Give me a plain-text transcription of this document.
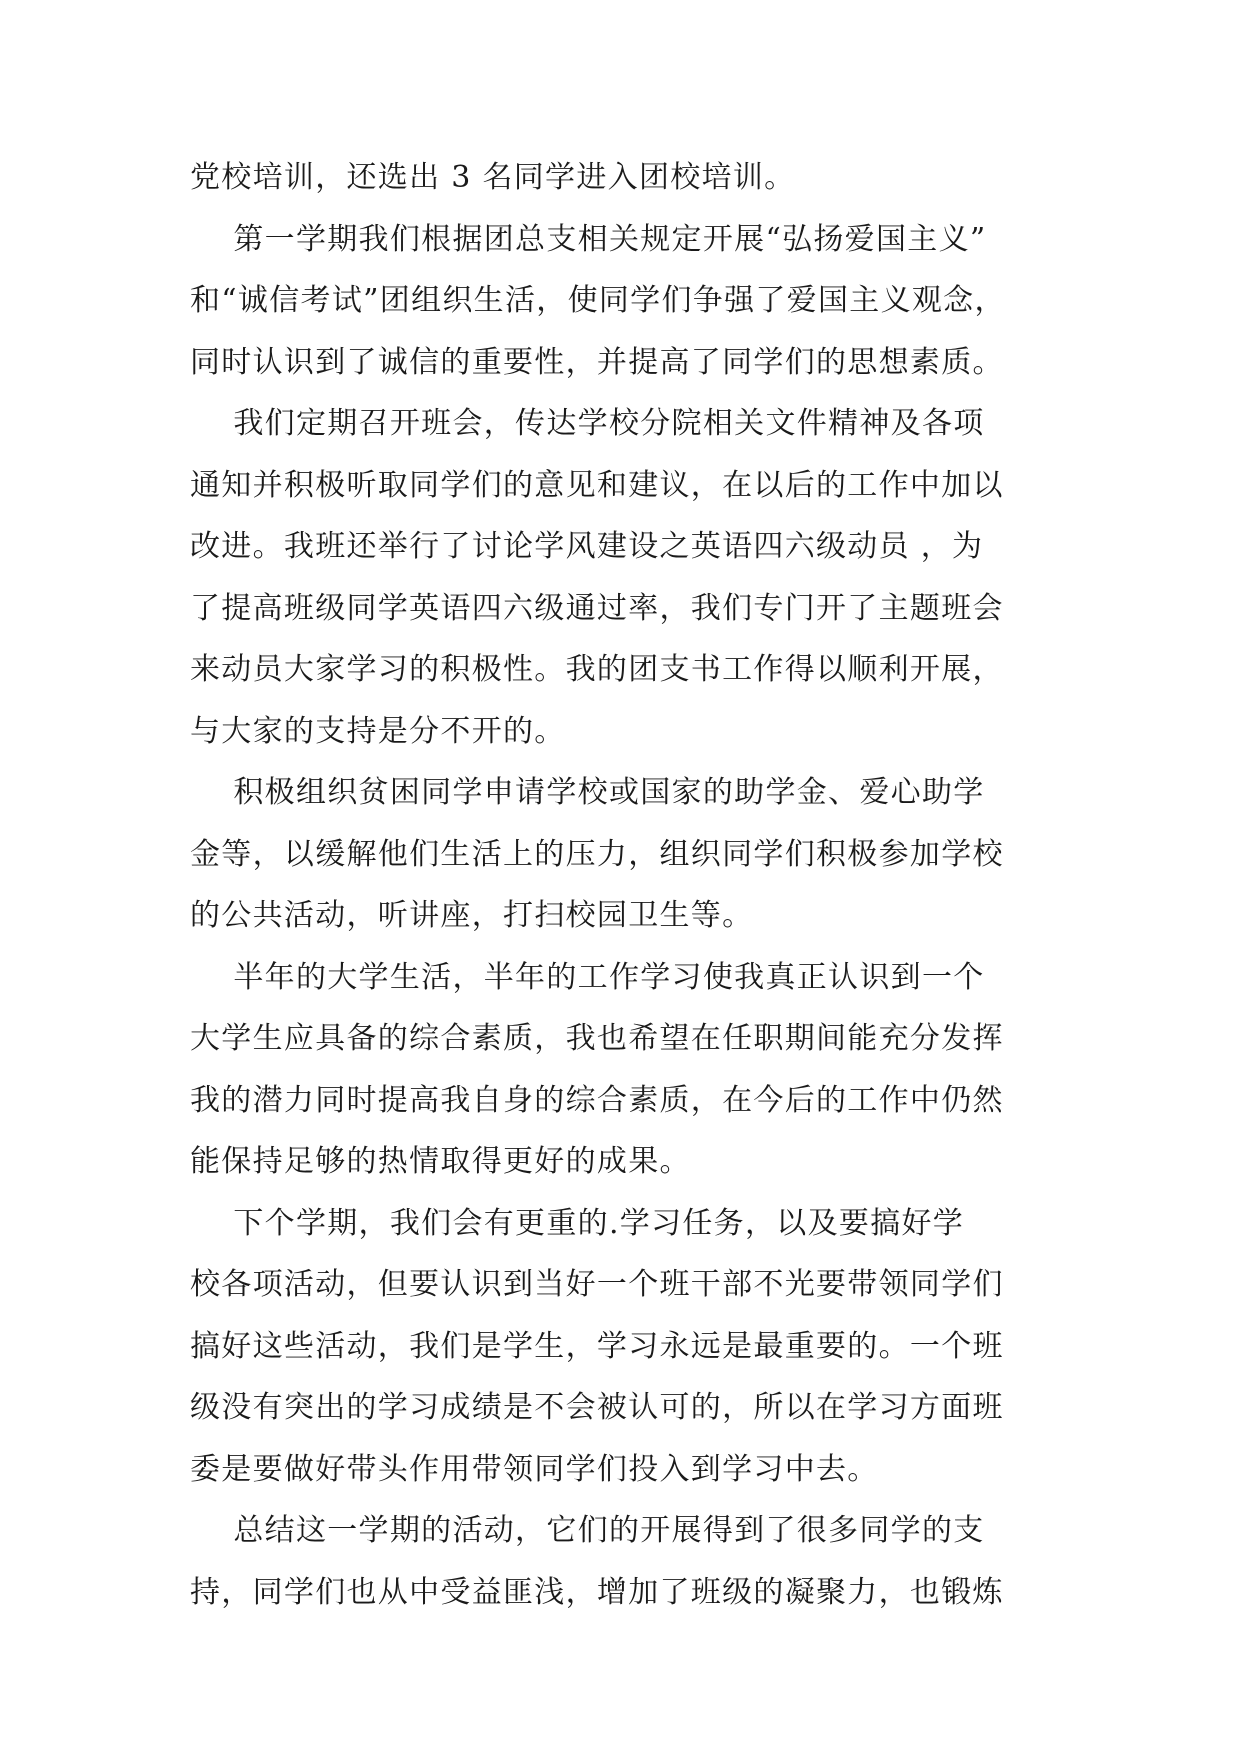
党校培训，还选出 3 名同学进入团校培训。
第一学期我们根据团总支相关规定开展“弘扬爱国主义”
和“诚信考试”团组织生活，使同学们争强了爱国主义观念，
同时认识到了诚信的重要性，并提高了同学们的思想素质。
我们定期召开班会，传达学校分院相关文件精神及各项
通知并积极听取同学们的意见和建议，在以后的工作中加以
改进。我班还举行了讨论学风建设之英语四六级动员 ，为
了提高班级同学英语四六级通过率，我们专门开了主题班会
来动员大家学习的积极性。我的团支书工作得以顺利开展，
与大家的支持是分不开的。
积极组织贫困同学申请学校或国家的助学金、爱心助学
金等，以缓解他们生活上的压力，组织同学们积极参加学校
的公共活动，听讲座，打扫校园卫生等。
半年的大学生活，半年的工作学习使我真正认识到一个
大学生应具备的综合素质，我也希望在任职期间能充分发挥
我的潜力同时提高我自身的综合素质，在今后的工作中仍然
能保持足够的热情取得更好的成果。
下个学期，我们会有更重的.学习任务，以及要搞好学
校各项活动，但要认识到当好一个班干部不光要带领同学们
搞好这些活动，我们是学生，学习永远是最重要的。一个班
级没有突出的学习成绩是不会被认可的，所以在学习方面班
委是要做好带头作用带领同学们投入到学习中去。
总结这一学期的活动，它们的开展得到了很多同学的支
持，同学们也从中受益匪浅，增加了班级的凝聚力，也锻炼
